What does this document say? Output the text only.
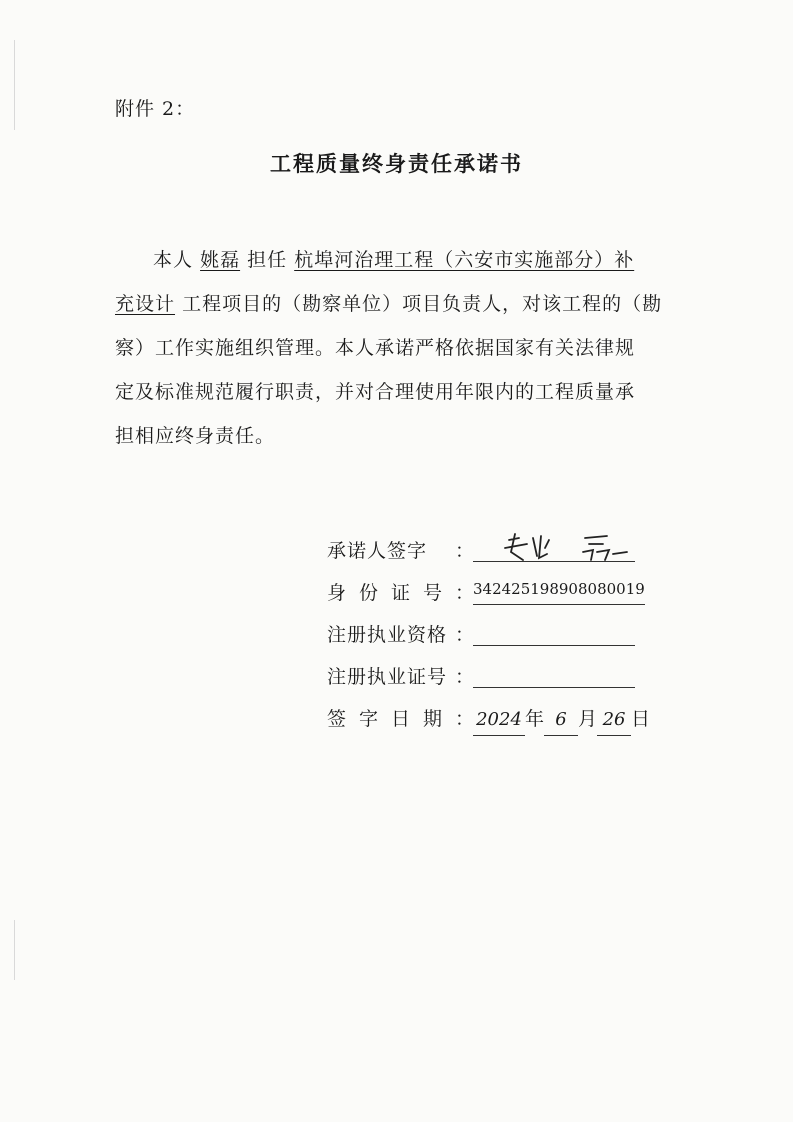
附件 2：
工程质量终身责任承诺书
本人 姚磊 担任 杭埠河治理工程（六安市实施部分）补
充设计 工程项目的（勘察单位）项目负责人，对该工程的（勘
察）工作实施组织管理。本人承诺严格依据国家有关法律规
定及标准规范履行职责，并对合理使用年限内的工程质量承
担相应终身责任。
承诺人签字 ：
身份证号 ：
342425198908080019
注册执业资格 ：
注册执业证号 ：
签字日期 ： 2024 年 6 月 26 日
